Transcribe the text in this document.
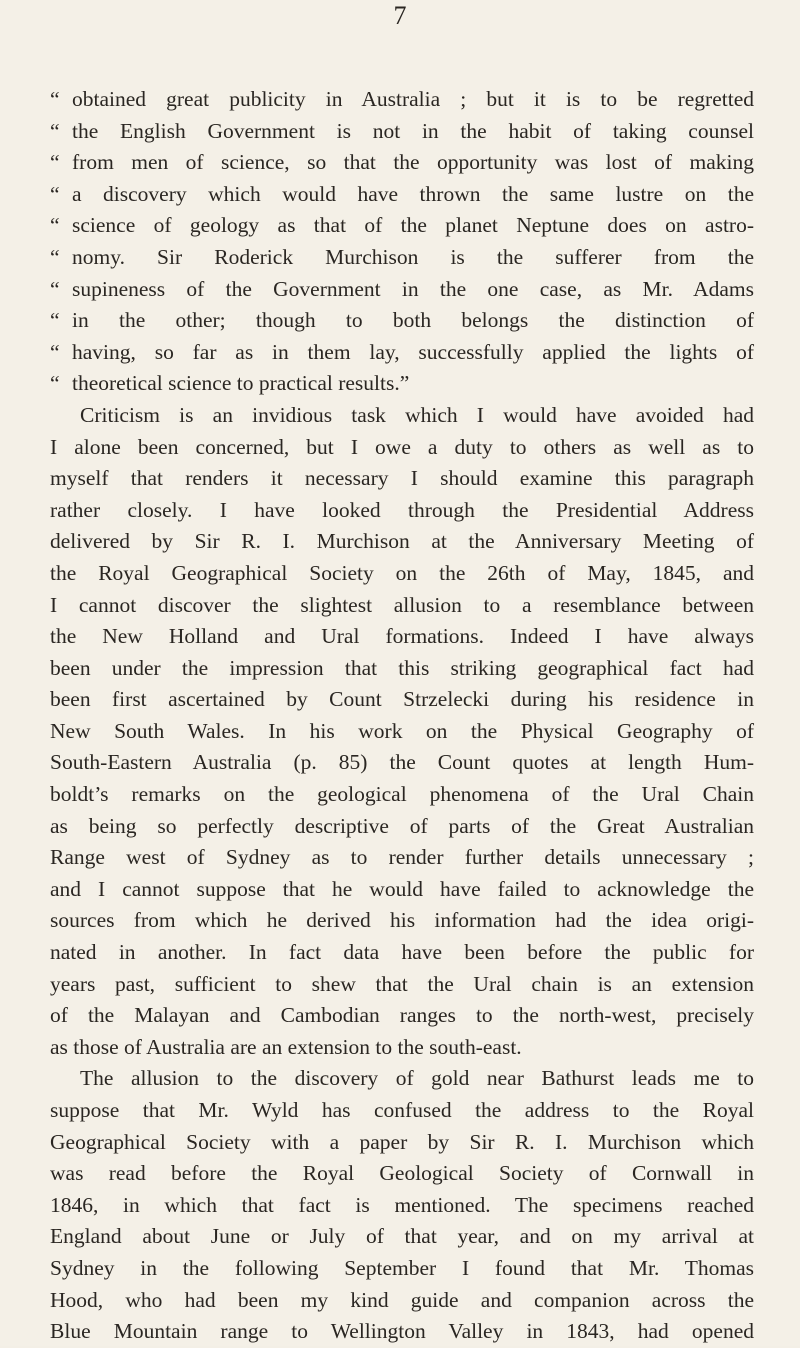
7
“ obtained great publicity in Australia ; but it is to be regretted
“ the English Government is not in the habit of taking counsel
“ from men of science, so that the opportunity was lost of making
“ a discovery which would have thrown the same lustre on the
“ science of geology as that of the planet Neptune does on astro-
“ nomy. Sir Roderick Murchison is the sufferer from the
“ supineness of the Government in the one case, as Mr. Adams
“ in the other; though to both belongs the distinction of
“ having, so far as in them lay, successfully applied the lights of
“ theoretical science to practical results.”
Criticism is an invidious task which I would have avoided had
I alone been concerned, but I owe a duty to others as well as to
myself that renders it necessary I should examine this paragraph
rather closely. I have looked through the Presidential Address
delivered by Sir R. I. Murchison at the Anniversary Meeting of
the Royal Geographical Society on the 26th of May, 1845, and
I cannot discover the slightest allusion to a resemblance between
the New Holland and Ural formations. Indeed I have always
been under the impression that this striking geographical fact had
been first ascertained by Count Strzelecki during his residence in
New South Wales. In his work on the Physical Geography of
South-Eastern Australia (p. 85) the Count quotes at length Hum-
boldt’s remarks on the geological phenomena of the Ural Chain
as being so perfectly descriptive of parts of the Great Australian
Range west of Sydney as to render further details unnecessary ;
and I cannot suppose that he would have failed to acknowledge the
sources from which he derived his information had the idea origi-
nated in another. In fact data have been before the public for
years past, sufficient to shew that the Ural chain is an extension
of the Malayan and Cambodian ranges to the north-west, precisely
as those of Australia are an extension to the south-east.
The allusion to the discovery of gold near Bathurst leads me to
suppose that Mr. Wyld has confused the address to the Royal
Geographical Society with a paper by Sir R. I. Murchison which
was read before the Royal Geological Society of Cornwall in
1846, in which that fact is mentioned. The specimens reached
England about June or July of that year, and on my arrival at
Sydney in the following September I found that Mr. Thomas
Hood, who had been my kind guide and companion across the
Blue Mountain range to Wellington Valley in 1843, had opened
